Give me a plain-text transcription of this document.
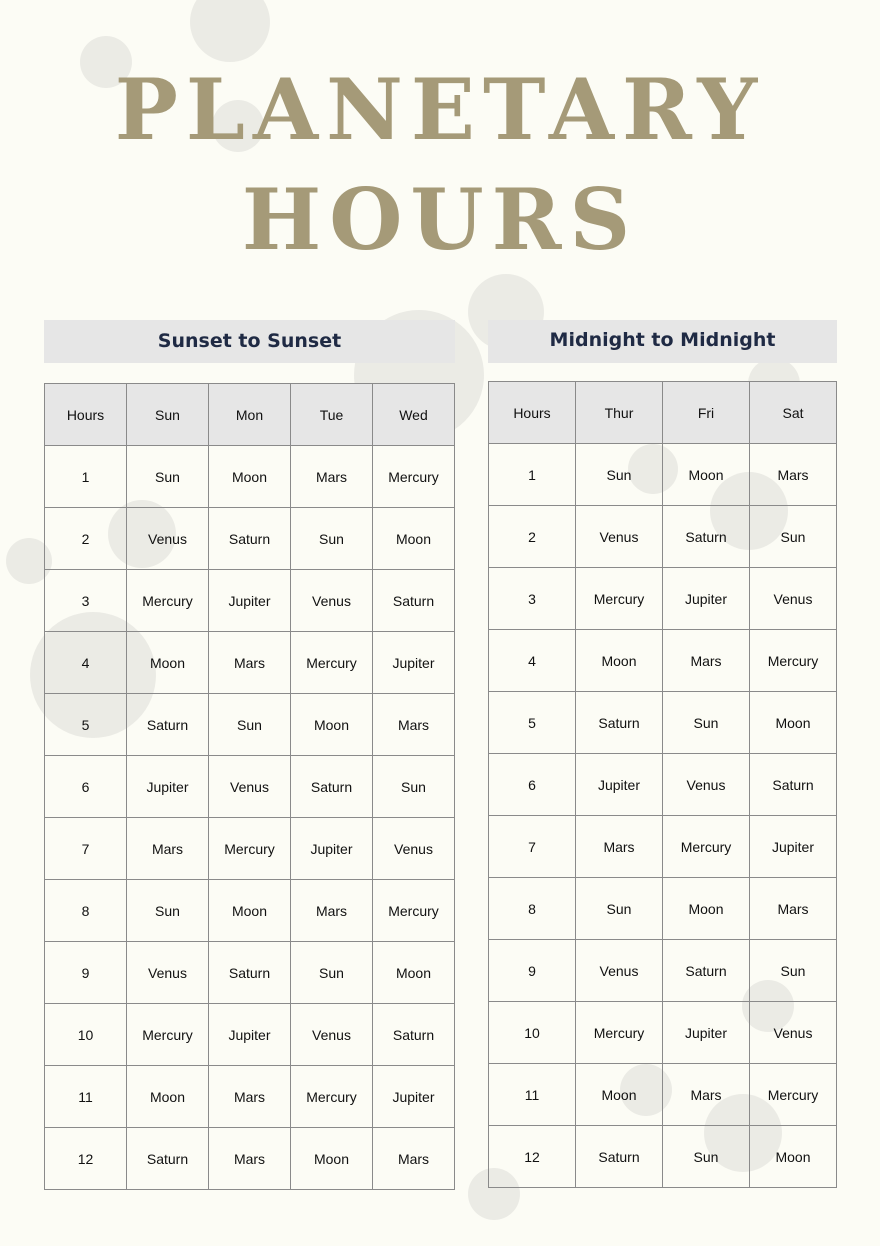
PLANETARY
HOURS
Sunset to Sunset	Midnight to Midnight
Hours	Sun	Mon	Tue	Wed
1	Sun	Moon	Mars	Mercury
2	Venus	Saturn	Sun	Moon
3	Mercury	Jupiter	Venus	Saturn
4	Moon	Mars	Mercury	Jupiter
5	Saturn	Sun	Moon	Mars
6	Jupiter	Venus	Saturn	Sun
7	Mars	Mercury	Jupiter	Venus
8	Sun	Moon	Mars	Mercury
9	Venus	Saturn	Sun	Moon
10	Mercury	Jupiter	Venus	Saturn
11	Moon	Mars	Mercury	Jupiter
12	Saturn	Mars	Moon	Mars
Hours	Thur	Fri	Sat
1	Sun	Moon	Mars
2	Venus	Saturn	Sun
3	Mercury	Jupiter	Venus
4	Moon	Mars	Mercury
5	Saturn	Sun	Moon
6	Jupiter	Venus	Saturn
7	Mars	Mercury	Jupiter
8	Sun	Moon	Mars
9	Venus	Saturn	Sun
10	Mercury	Jupiter	Venus
11	Moon	Mars	Mercury
12	Saturn	Sun	Moon
